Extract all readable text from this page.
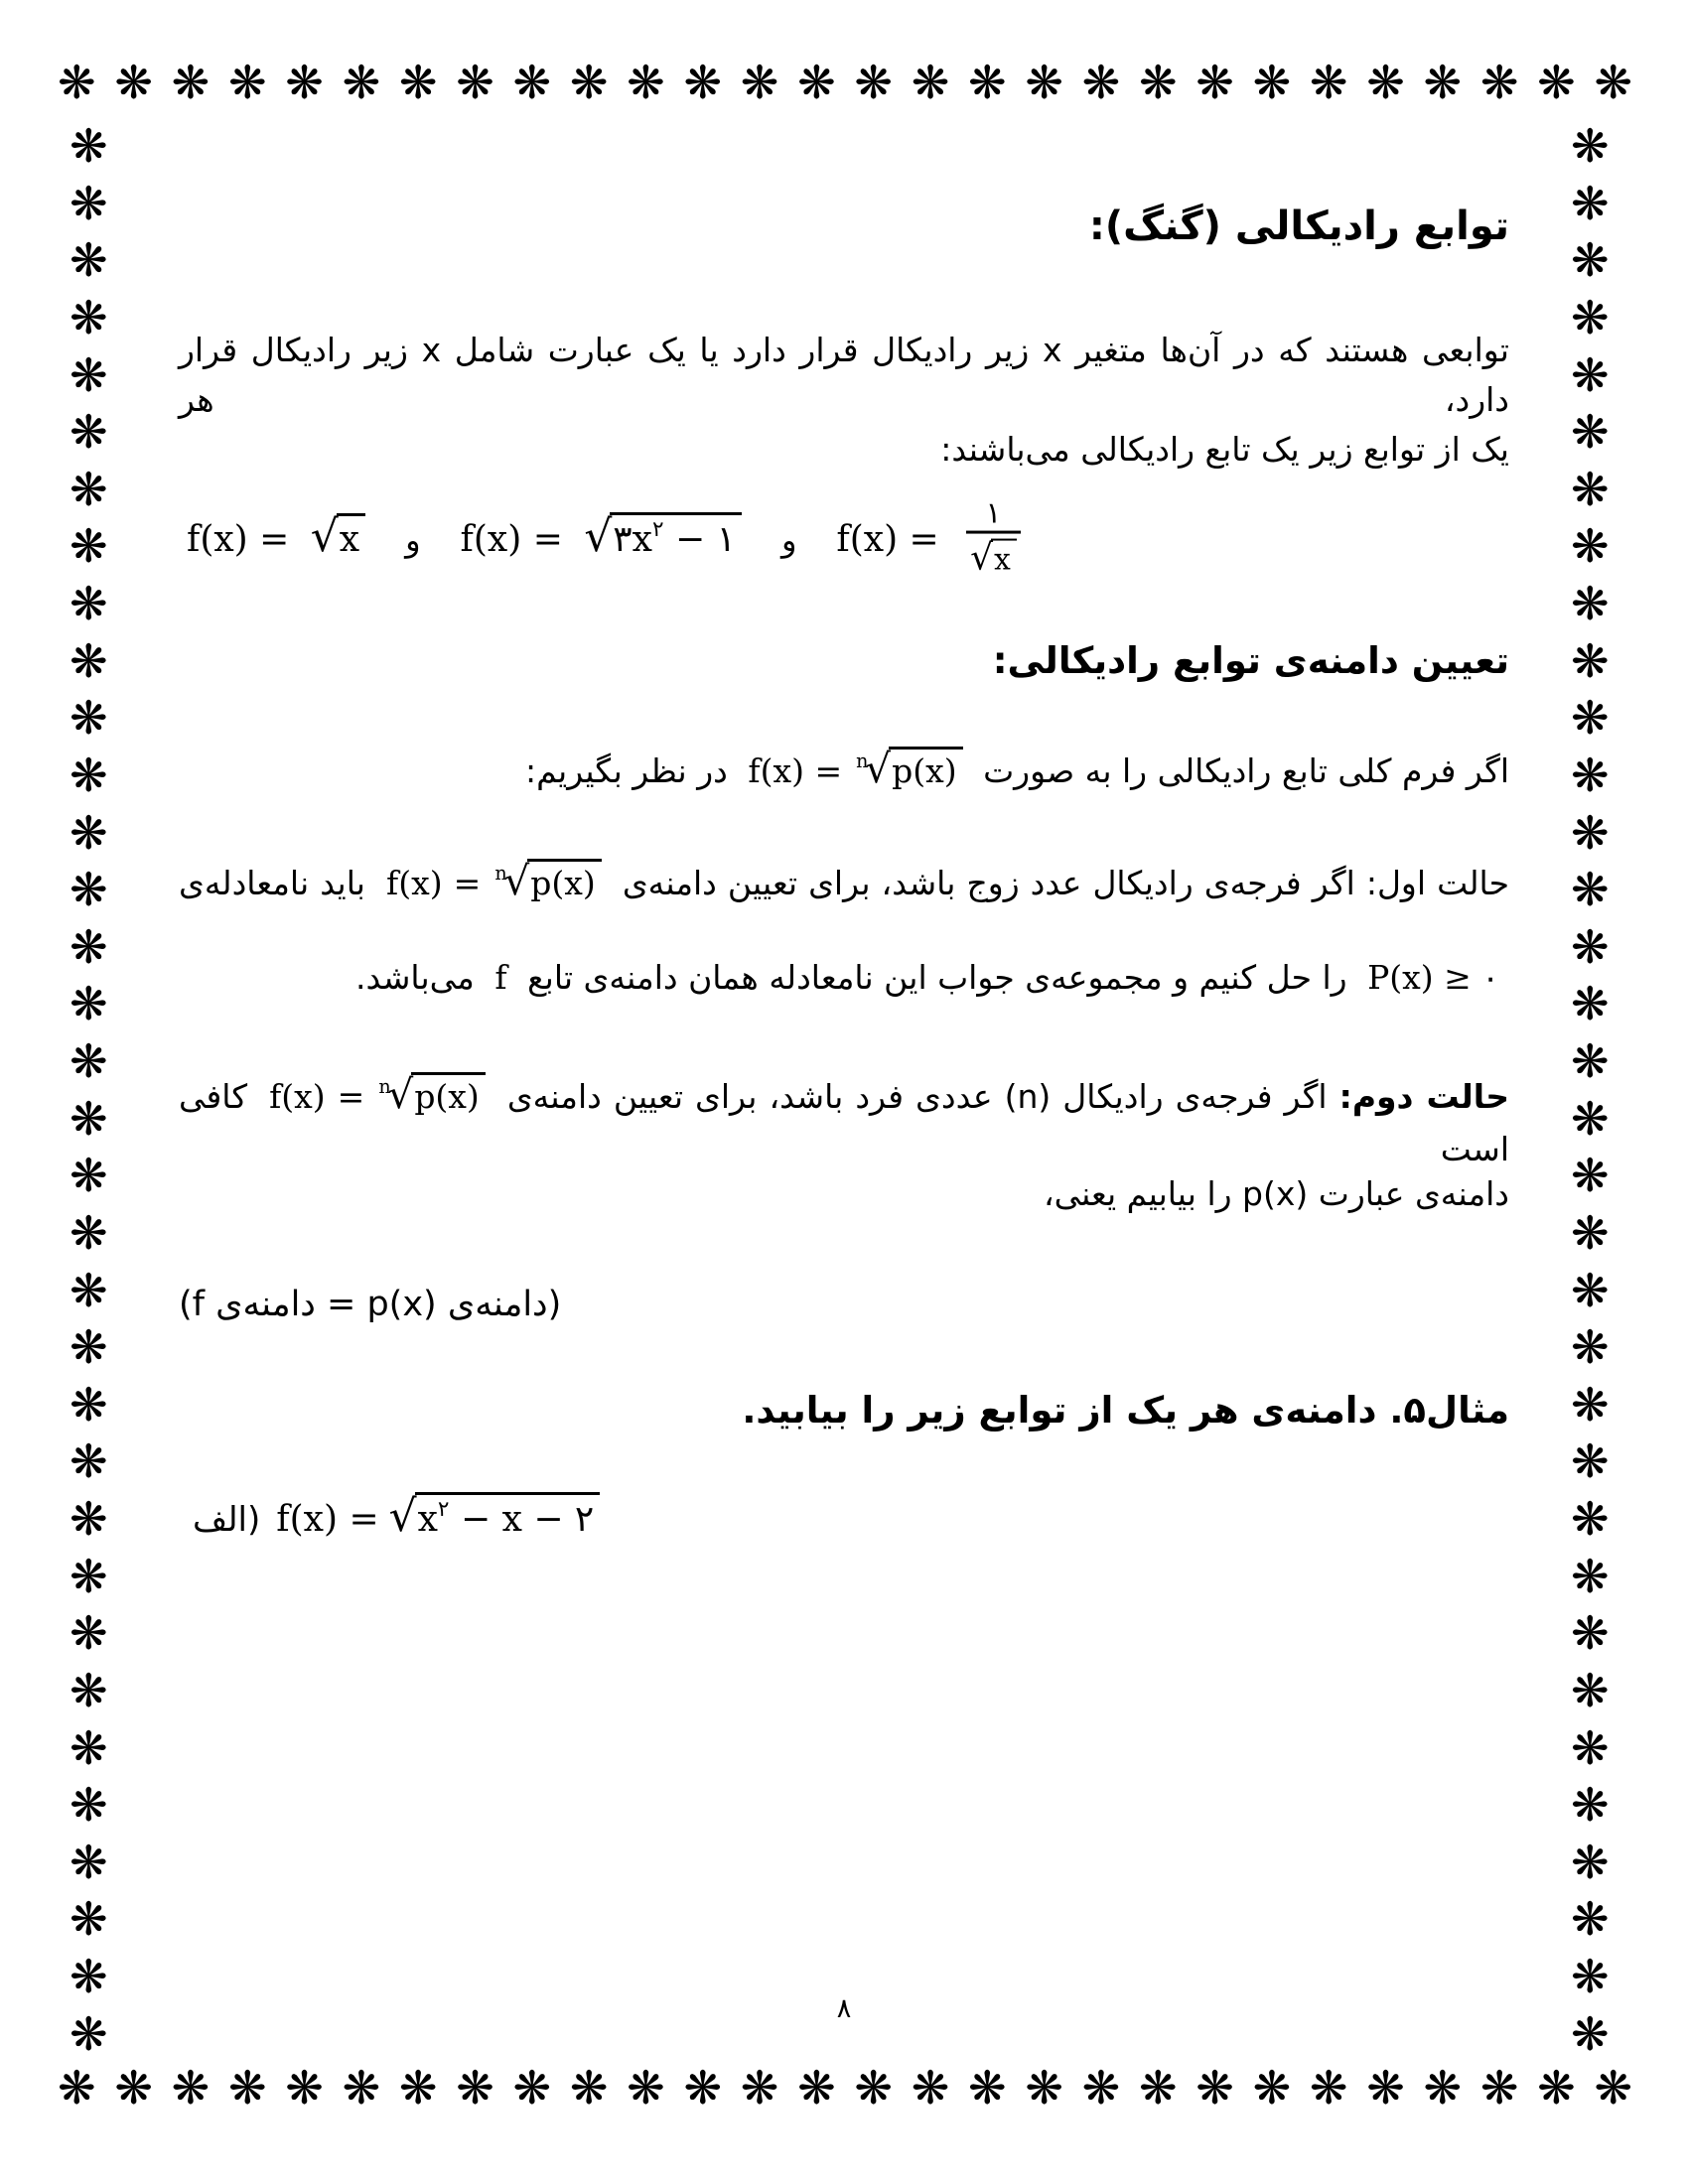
❋ ❋ ❋ ❋ ❋ ❋ ❋ ❋ ❋ ❋ ❋ ❋ ❋ ❋ ❋ ❋ ❋ ❋ ❋ ❋ ❋ ❋ ❋ ❋ ❋ ❋ ❋ ❋
❋
❋
❋
❋
❋
❋
❋
❋
❋
❋
❋
❋
❋
❋
❋
❋
❋
❋
❋
❋
❋
❋
❋
❋
❋
❋
❋
❋
❋
❋
❋
❋
❋
❋
❋
❋
❋
❋
❋
❋
❋
❋
❋
❋
❋
❋
❋
❋
❋
❋
❋
❋
❋
❋
❋
❋
❋
❋
❋
❋
❋
❋
❋
❋
❋
❋
❋
❋
❋ ❋ ❋ ❋ ❋ ❋ ❋ ❋ ❋ ❋ ❋ ❋ ❋ ❋ ❋ ❋ ❋ ❋ ❋ ❋ ❋ ❋ ❋ ❋ ❋ ❋ ❋ ❋
توابع رادیکالی (گنگ):
توابعی هستند که در آن‌ها متغیر x زیر رادیکال قرار دارد یا یک عبارت شامل x زیر رادیکال قرار دارد، هر
یک از توابع زیر یک تابع رادیکالی می‌باشند:
f(x) = √x و $f(x) = √۳x^۲$ − ۱ و $f(x) = \frac{۱}{√x}$
تعیین دامنه‌ی توابع رادیکالی:
اگر فرم کلی تابع رادیکالی را به صورت f(x) = $^n$√p(x) در نظر بگیریم:
حالت اول: اگر فرجه‌ی رادیکال عدد زوج باشد، برای تعیین دامنه‌ی f(x) = $^n$√p(x) باید نامعادله‌ی
P(x) ≥ ۰ را حل کنیم و مجموعه‌ی جواب این نامعادله همان دامنه‌ی تابع f می‌باشد.
حالت دوم: اگر فرجه‌ی رادیکال (n) عددی فرد باشد، برای تعیین دامنه‌ی f(x) = $^n$√p(x) کافی است
دامنه‌ی عبارت p(x) را بیابیم یعنی،
(دامنه‌ی p(x) = دامنه‌ی f)
مثال۵. دامنه‌ی هر یک از توابع زیر را بیابید.
الف) $f(x) = √x^۲ - x$ − ۲
۸
